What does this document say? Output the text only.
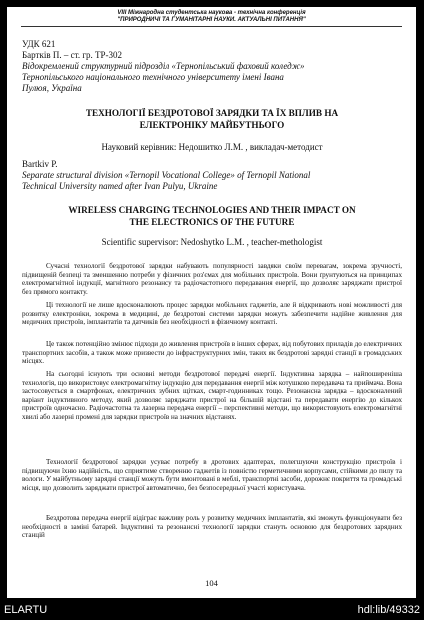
VIII Міжнародна студентська наукова - технічна конференція
"ПРИРОДНИЧІ ТА ГУМАНІТАРНІ НАУКИ. АКТУАЛЬНІ ПИТАННЯ"
УДК 621
Бартків П. – ст. гр. ТР-302
Відокремлений структурний підрозділ «Тернопільський фаховий коледж»
Тернопільського національного технічного університету імені Івана
Пулюя, Україна
ТЕХНОЛОГІЇ БЕЗДРОТОВОЇ ЗАРЯДКИ ТА ЇХ ВПЛИВ НА
ЕЛЕКТРОНІКУ МАЙБУТНЬОГО
Науковий керівник: Недошитко Л.М. , викладач-методист
Bartkiv P.
Separate structural division «Ternopil Vocational College» of Ternopil National
Technical University named after Ivan Pulyu, Ukraine
WIRELESS CHARGING TECHNOLOGIES AND THEIR IMPACT ON
THE ELECTRONICS OF THE FUTURE
Scientific supervisor: Nedoshytko L.M. , teacher-methologist

Сучасні технології бездротової зарядки набувають популярності завдяки своїм перевагам, зокрема зручності, підвищеній безпеці та зменшенню потреби у фізичних роз'ємах для мобільних пристроїв. Вони ґрунтуються на принципах електромагнітної індукції, магнітного резонансу та радіочастотного передавання енергії, що дозволяє заряджати пристрої без прямого контакту.

Ці технології не лише вдосконалюють процес зарядки мобільних гаджетів, але й відкривають нові можливості для розвитку електроніки, зокрема в медицині, де бездротові системи зарядки можуть забезпечити надійне живлення для медичних пристроїв, імплантатів та датчиків без необхідності в фізичному контакті.

Це також потенційно змінює підходи до живлення пристроїв в інших сферах, від побутових приладів до електричних транспортних засобів, а також може призвести до інфраструктурних змін, таких як бездротові зарядні станції в громадських місцях.

На сьогодні існують три основні методи бездротової передачі енергії. Індуктивна зарядка – найпоширеніша технологія, що використовує електромагнітну індукцію для передавання енергії між котушкою передавача та приймача. Вона застосовується в смартфонах, електричних зубних щітках, смарт-годинниках тощо. Резонансна зарядка – вдосконалений варіант індуктивного методу, який дозволяє заряджати пристрої на більшій відстані та передавати енергію до кількох пристроїв одночасно. Радіочастотна та лазерна передача енергії – перспективні методи, що використовують електромагнітні хвилі або лазерні промені для зарядки пристроїв на значних відстанях.

Технології бездротової зарядки усуває потребу в дротових адаптерах, полегшуючи конструкцію пристроїв і підвищуючи їхню надійність, що сприятиме створенню гаджетів із повністю герметичними корпусами, стійкими до пилу та вологи. У майбутньому зарядні станції можуть бути вмонтовані в меблі, транспортні засоби, дорожнє покриття та громадські місця, що дозволить заряджати пристрої автоматично, без безпосередньої участі користувача.

Бездротова передача енергії відіграє важливу роль у розвитку медичних імплантатів, які зможуть функціонувати без необхідності в заміні батарей. Індуктивні та резонансні технології зарядки стануть основою для бездротових зарядних станцій

104
ELARTU	hdl:lib/49332
